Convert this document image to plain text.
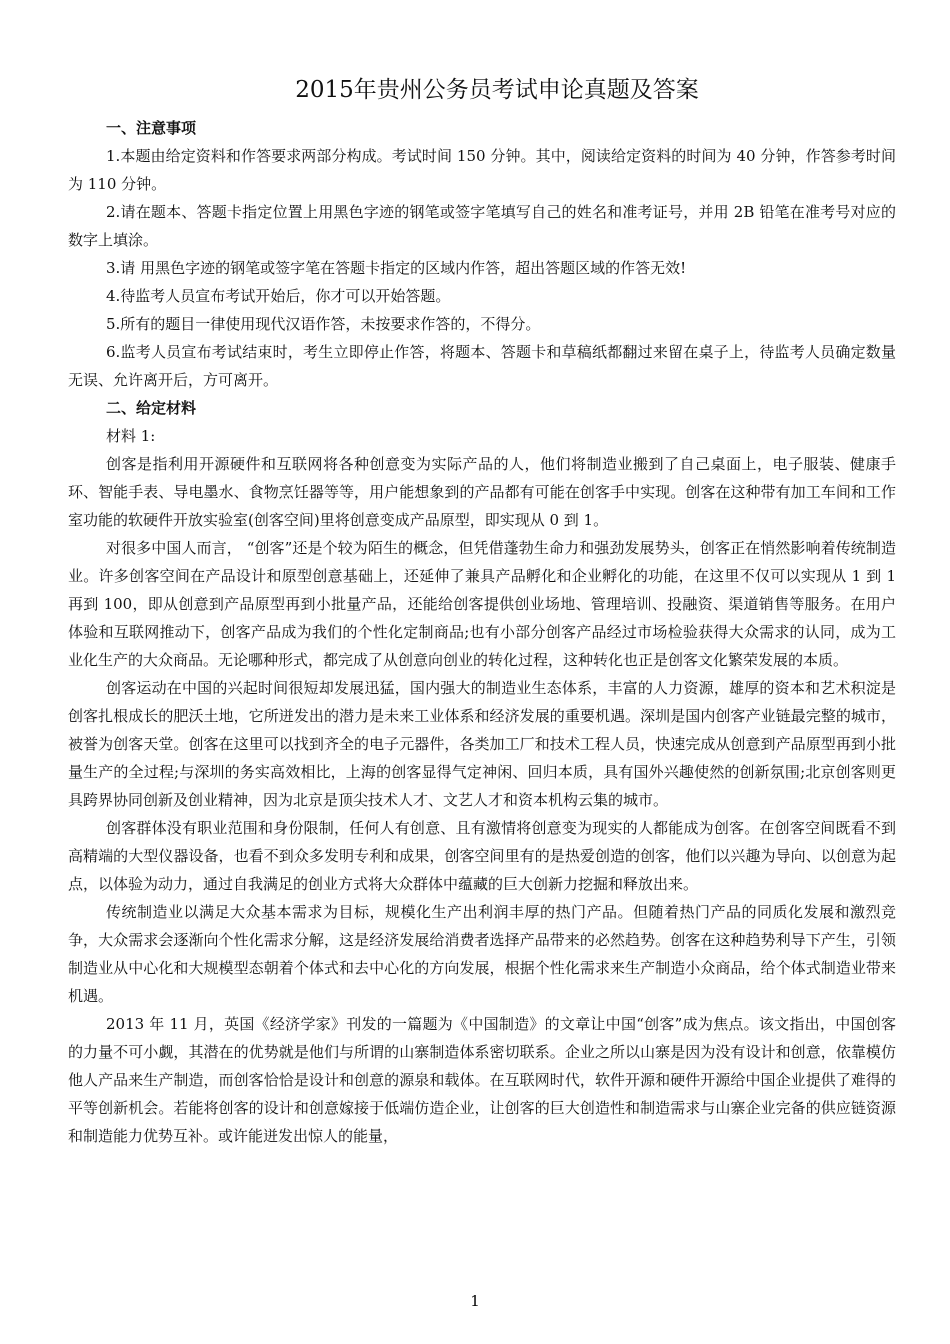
2015年贵州公务员考试申论真题及答案

一、注意事项

1.本题由给定资料和作答要求两部分构成。考试时间 150 分钟。其中，阅读给定资料的时间为 40 分钟，作答参考时间为 110 分钟。

2.请在题本、答题卡指定位置上用黑色字迹的钢笔或签字笔填写自己的姓名和准考证号，并用 2B 铅笔在准考号对应的数字上填涂。

3.请 用黑色字迹的钢笔或签字笔在答题卡指定的区域内作答，超出答题区域的作答无效!

4.待监考人员宣布考试开始后，你才可以开始答题。

5.所有的题目一律使用现代汉语作答，未按要求作答的，不得分。

6.监考人员宣布考试结束时，考生立即停止作答，将题本、答题卡和草稿纸都翻过来留在桌子上，待监考人员确定数量无误、允许离开后，方可离开。

二、给定材料

材料 1:

创客是指利用开源硬件和互联网将各种创意变为实际产品的人，他们将制造业搬到了自己桌面上，电子服装、健康手环、智能手表、导电墨水、食物烹饪器等等，用户能想象到的产品都有可能在创客手中实现。创客在这种带有加工车间和工作室功能的软硬件开放实验室(创客空间)里将创意变成产品原型，即实现从 0 到 1。

对很多中国人而言， “创客”还是个较为陌生的概念，但凭借蓬勃生命力和强劲发展势头，创客正在悄然影响着传统制造业。许多创客空间在产品设计和原型创意基础上，还延伸了兼具产品孵化和企业孵化的功能，在这里不仅可以实现从 1 到 1 再到 100，即从创意到产品原型再到小批量产品，还能给创客提供创业场地、管理培训、投融资、渠道销售等服务。在用户体验和互联网推动下，创客产品成为我们的个性化定制商品;也有小部分创客产品经过市场检验获得大众需求的认同，成为工业化生产的大众商品。无论哪种形式，都完成了从创意向创业的转化过程，这种转化也正是创客文化繁荣发展的本质。

创客运动在中国的兴起时间很短却发展迅猛，国内强大的制造业生态体系，丰富的人力资源，雄厚的资本和艺术积淀是创客扎根成长的肥沃土地，它所迸发出的潜力是未来工业体系和经济发展的重要机遇。深圳是国内创客产业链最完整的城市，被誉为创客天堂。创客在这里可以找到齐全的电子元器件，各类加工厂和技术工程人员，快速完成从创意到产品原型再到小批量生产的全过程;与深圳的务实高效相比，上海的创客显得气定神闲、回归本质，具有国外兴趣使然的创新氛围;北京创客则更具跨界协同创新及创业精神，因为北京是顶尖技术人才、文艺人才和资本机构云集的城市。

创客群体没有职业范围和身份限制，任何人有创意、且有激情将创意变为现实的人都能成为创客。在创客空间既看不到高精端的大型仪器设备，也看不到众多发明专利和成果，创客空间里有的是热爱创造的创客，他们以兴趣为导向、以创意为起点，以体验为动力，通过自我满足的创业方式将大众群体中蕴藏的巨大创新力挖掘和释放出来。

传统制造业以满足大众基本需求为目标，规模化生产出利润丰厚的热门产品。但随着热门产品的同质化发展和激烈竞争，大众需求会逐渐向个性化需求分解，这是经济发展给消费者选择产品带来的必然趋势。创客在这种趋势利导下产生，引领制造业从中心化和大规模型态朝着个体式和去中心化的方向发展，根据个性化需求来生产制造小众商品，给个体式制造业带来机遇。

2013 年 11 月，英国《经济学家》刊发的一篇题为《中国制造》的文章让中国“创客”成为焦点。该文指出，中国创客的力量不可小觑，其潜在的优势就是他们与所谓的山寨制造体系密切联系。企业之所以山寨是因为没有设计和创意，依靠模仿他人产品来生产制造，而创客恰恰是设计和创意的源泉和载体。在互联网时代，软件开源和硬件开源给中国企业提供了难得的平等创新机会。若能将创客的设计和创意嫁接于低端仿造企业，让创客的巨大创造性和制造需求与山寨企业完备的供应链资源和制造能力优势互补。或许能迸发出惊人的能量，

1
